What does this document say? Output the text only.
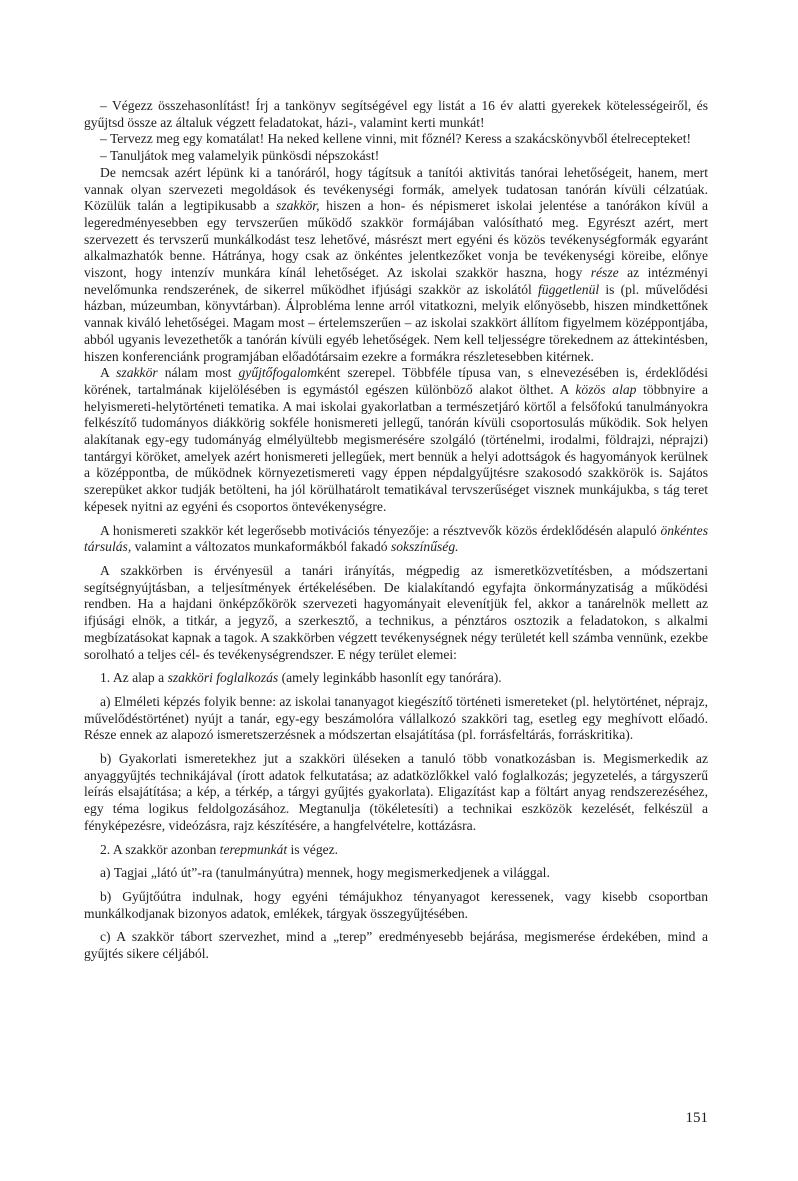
– Végezz összehasonlítást! Írj a tankönyv segítségével egy listát a 16 év alatti gyerekek kötelességeiről, és gyűjtsd össze az általuk végzett feladatokat, házi-, valamint kerti munkát!

– Tervezz meg egy komatálat! Ha neked kellene vinni, mit főznél? Keress a szakácskönyvből ételrecepteket!

– Tanuljátok meg valamelyik pünkösdi népszokást!

De nemcsak azért lépünk ki a tanóráról, hogy tágítsuk a tanítói aktivitás tanórai lehetőségeit, hanem, mert vannak olyan szervezeti megoldások és tevékenységi formák, amelyek tudatosan tanórán kívüli célzatúak. Közülük talán a legtipikusabb a szakkör, hiszen a hon- és népismeret iskolai jelentése a tanórákon kívül a legeredményesebben egy tervszerűen működő szakkör formájában valósítható meg. Egyrészt azért, mert szervezett és tervszerű munkálkodást tesz lehetővé, másrészt mert egyéni és közös tevékenységformák egyaránt alkalmazhatók benne. Hátránya, hogy csak az önkéntes jelentkezőket vonja be tevékenységi köreibe, előnye viszont, hogy intenzív munkára kínál lehetőséget. Az iskolai szakkör haszna, hogy része az intézményi nevelőmunka rendszerének, de sikerrel működhet ifjúsági szakkör az iskolától függetlenül is (pl. művelődési házban, múzeumban, könyvtárban). Álprobléma lenne arról vitatkozni, melyik előnyösebb, hiszen mindkettőnek vannak kiváló lehetőségei. Magam most – értelemszerűen – az iskolai szakkört állítom figyelmem középpontjába, abból ugyanis levezethetők a tanórán kívüli egyéb lehetőségek. Nem kell teljességre törekednem az áttekintésben, hiszen konferenciánk programjában előadótársaim ezekre a formákra részletesebben kitérnek.

A szakkör nálam most gyűjtőfogalomként szerepel. Többféle típusa van, s elnevezésében is, érdeklődési körének, tartalmának kijelölésében is egymástól egészen különböző alakot ölthet. A közös alap többnyire a helyismereti-helytörténeti tematika. A mai iskolai gyakorlatban a természetjáró körtől a felsőfokú tanulmányokra felkészítő tudományos diákkörig sokféle honismereti jellegű, tanórán kívüli csoportosulás működik. Sok helyen alakítanak egy-egy tudományág elmélyültebb megismerésére szolgáló (történelmi, irodalmi, földrajzi, néprajzi) tantárgyi köröket, amelyek azért honismereti jellegűek, mert bennük a helyi adottságok és hagyományok kerülnek a középpontba, de működnek környezetismereti vagy éppen népdalgyűjtésre szakosodó szakkörök is. Sajátos szerepüket akkor tudják betölteni, ha jól körülhatárolt tematikával tervszerűséget visznek munkájukba, s tág teret képesek nyitni az egyéni és csoportos öntevékenységre.

A honismereti szakkör két legerősebb motivációs tényezője: a résztvevők közös érdeklődésén alapuló önkéntes társulás, valamint a változatos munkaformákból fakadó sokszínűség.

A szakkörben is érvényesül a tanári irányítás, mégpedig az ismeretközvetítésben, a módszertani segítségnyújtásban, a teljesítmények értékelésében. De kialakítandó egyfajta önkormányzatiság a működési rendben. Ha a hajdani önképzőkörök szervezeti hagyományait elevenítjük fel, akkor a tanárelnök mellett az ifjúsági elnök, a titkár, a jegyző, a szerkesztő, a technikus, a pénztáros osztozik a feladatokon, s alkalmi megbízatásokat kapnak a tagok. A szakkörben végzett tevékenységnek négy területét kell számba vennünk, ezekbe sorolható a teljes cél- és tevékenységrendszer. E négy terület elemei:

1. Az alap a szakköri foglalkozás (amely leginkább hasonlít egy tanórára).

a) Elméleti képzés folyik benne: az iskolai tananyagot kiegészítő történeti ismereteket (pl. helytörténet, néprajz, művelődéstörténet) nyújt a tanár, egy-egy beszámolóra vállalkozó szakköri tag, esetleg egy meghívott előadó. Része ennek az alapozó ismeretszerzésnek a módszertan elsajátítása (pl. forrásfeltárás, forráskritika).

b) Gyakorlati ismeretekhez jut a szakköri üléseken a tanuló több vonatkozásban is. Megismerkedik az anyaggyűjtés technikájával (írott adatok felkutatása; az adatközlőkkel való foglalkozás; jegyzetelés, a tárgyszerű leírás elsajátítása; a kép, a térkép, a tárgyi gyűjtés gyakorlata). Eligazítást kap a föltárt anyag rendszerezéséhez, egy téma logikus feldolgozásához. Megtanulja (tökéletesíti) a technikai eszközök kezelését, felkészül a fényképezésre, videózásra, rajz készítésére, a hangfelvételre, kottázásra.

2. A szakkör azonban terepmunkát is végez.

a) Tagjai „látó út”-ra (tanulmányútra) mennek, hogy megismerkedjenek a világgal.

b) Gyűjtőútra indulnak, hogy egyéni témájukhoz tényanyagot keressenek, vagy kisebb csoportban munkálkodjanak bizonyos adatok, emlékek, tárgyak összegyűjtésében.

c) A szakkör tábort szervezhet, mind a „terep” eredményesebb bejárása, megismerése érdekében, mind a gyűjtés sikere céljából.

151
